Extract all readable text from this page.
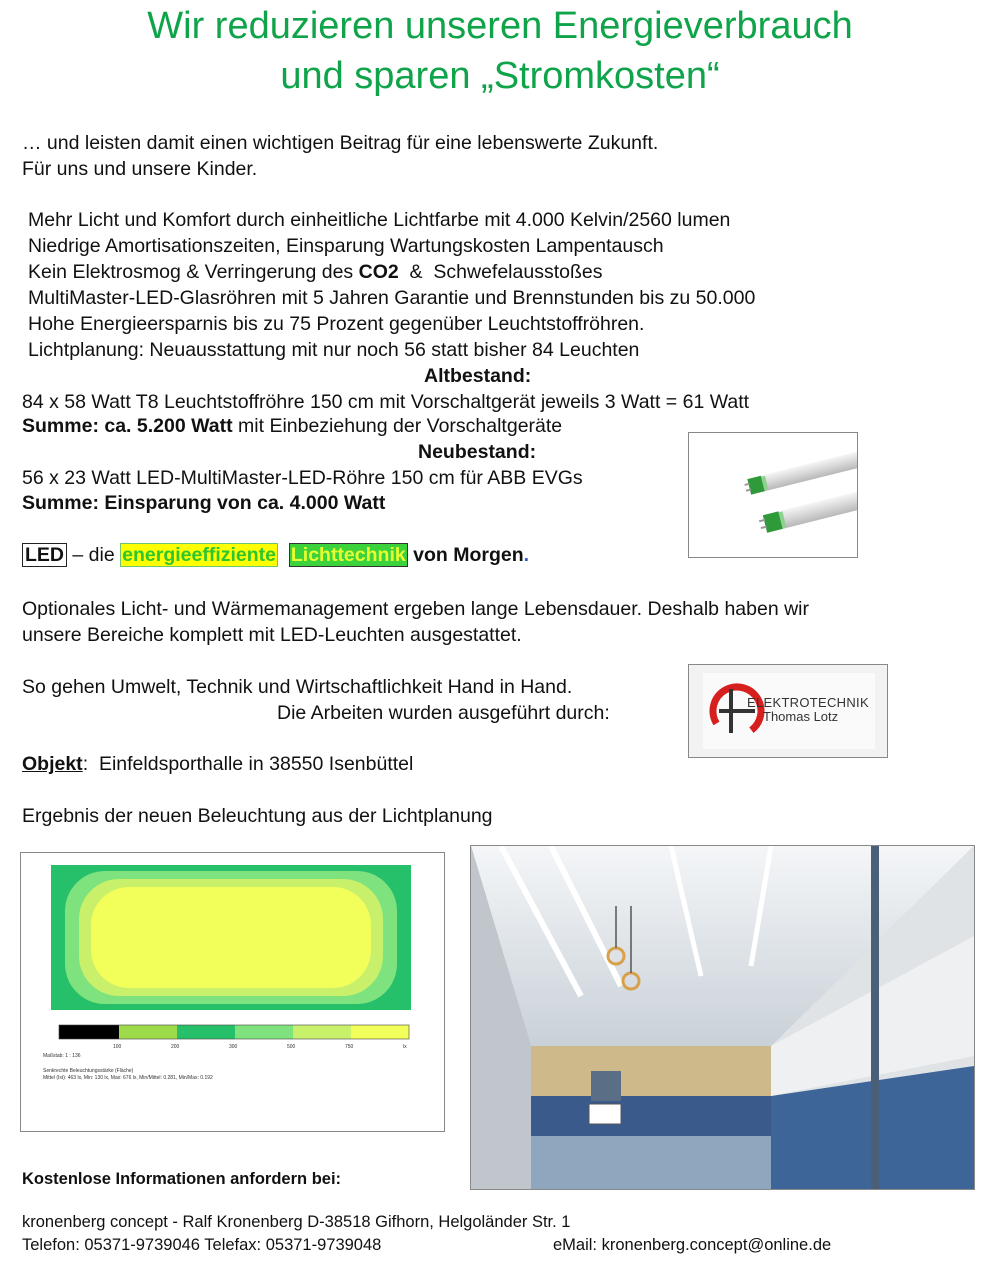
Wir reduzieren unseren Energieverbrauch
und sparen „Stromkosten“
… und leisten damit einen wichtigen Beitrag für eine lebenswerte Zukunft.
Für uns und unsere Kinder.
Mehr Licht und Komfort durch einheitliche Lichtfarbe mit 4.000 Kelvin/2560 lumen
Niedrige Amortisationszeiten, Einsparung Wartungskosten Lampentausch
Kein Elektrosmog & Verringerung des CO2  &  Schwefelausstoßes
MultiMaster-LED-Glasröhren mit 5 Jahren Garantie und Brennstunden bis zu 50.000
Hohe Energieersparnis bis zu 75 Prozent gegenüber Leuchtstoffröhren.
Lichtplanung: Neuausstattung mit nur noch 56 statt bisher 84 Leuchten
Altbestand:
84 x 58 Watt T8 Leuchtstoffröhre 150 cm mit Vorschaltgerät jeweils 3 Watt = 61 Watt
Summe: ca. 5.200 Watt mit Einbeziehung der Vorschaltgeräte
Neubestand:
56 x 23 Watt LED-MultiMaster-LED-Röhre 150 cm für ABB EVGs
Summe: Einsparung von ca. 4.000 Watt
LED – die energieeffiziente Lichttechnik von Morgen.
Optionales Licht- und Wärmemanagement ergeben lange Lebensdauer. Deshalb haben wir
unsere Bereiche komplett mit LED-Leuchten ausgestattet.
So gehen Umwelt, Technik und Wirtschaftlichkeit Hand in Hand.
Die Arbeiten wurden ausgeführt durch:	ELEKTROTECHNIK
Thomas Lotz
Objekt: Einfeldsporthalle in 38550 Isenbüttel
Ergebnis der neuen Beleuchtung aus der Lichtplanung
100	200	300	500	750	lx
Maßstab: 1 : 136
Senkrechte Beleuchtungsstärke (Fläche)
Mittel (Ist): 463 lx, Min: 130 lx, Max: 676 lx, Min/Mittel: 0.281, Min/Max: 0.192
Kostenlose Informationen anfordern bei:
kronenberg concept - Ralf Kronenberg D-38518 Gifhorn, Helgoländer Str. 1
Telefon: 05371-9739046 Telefax: 05371-9739048	eMail: kronenberg.concept@online.de
